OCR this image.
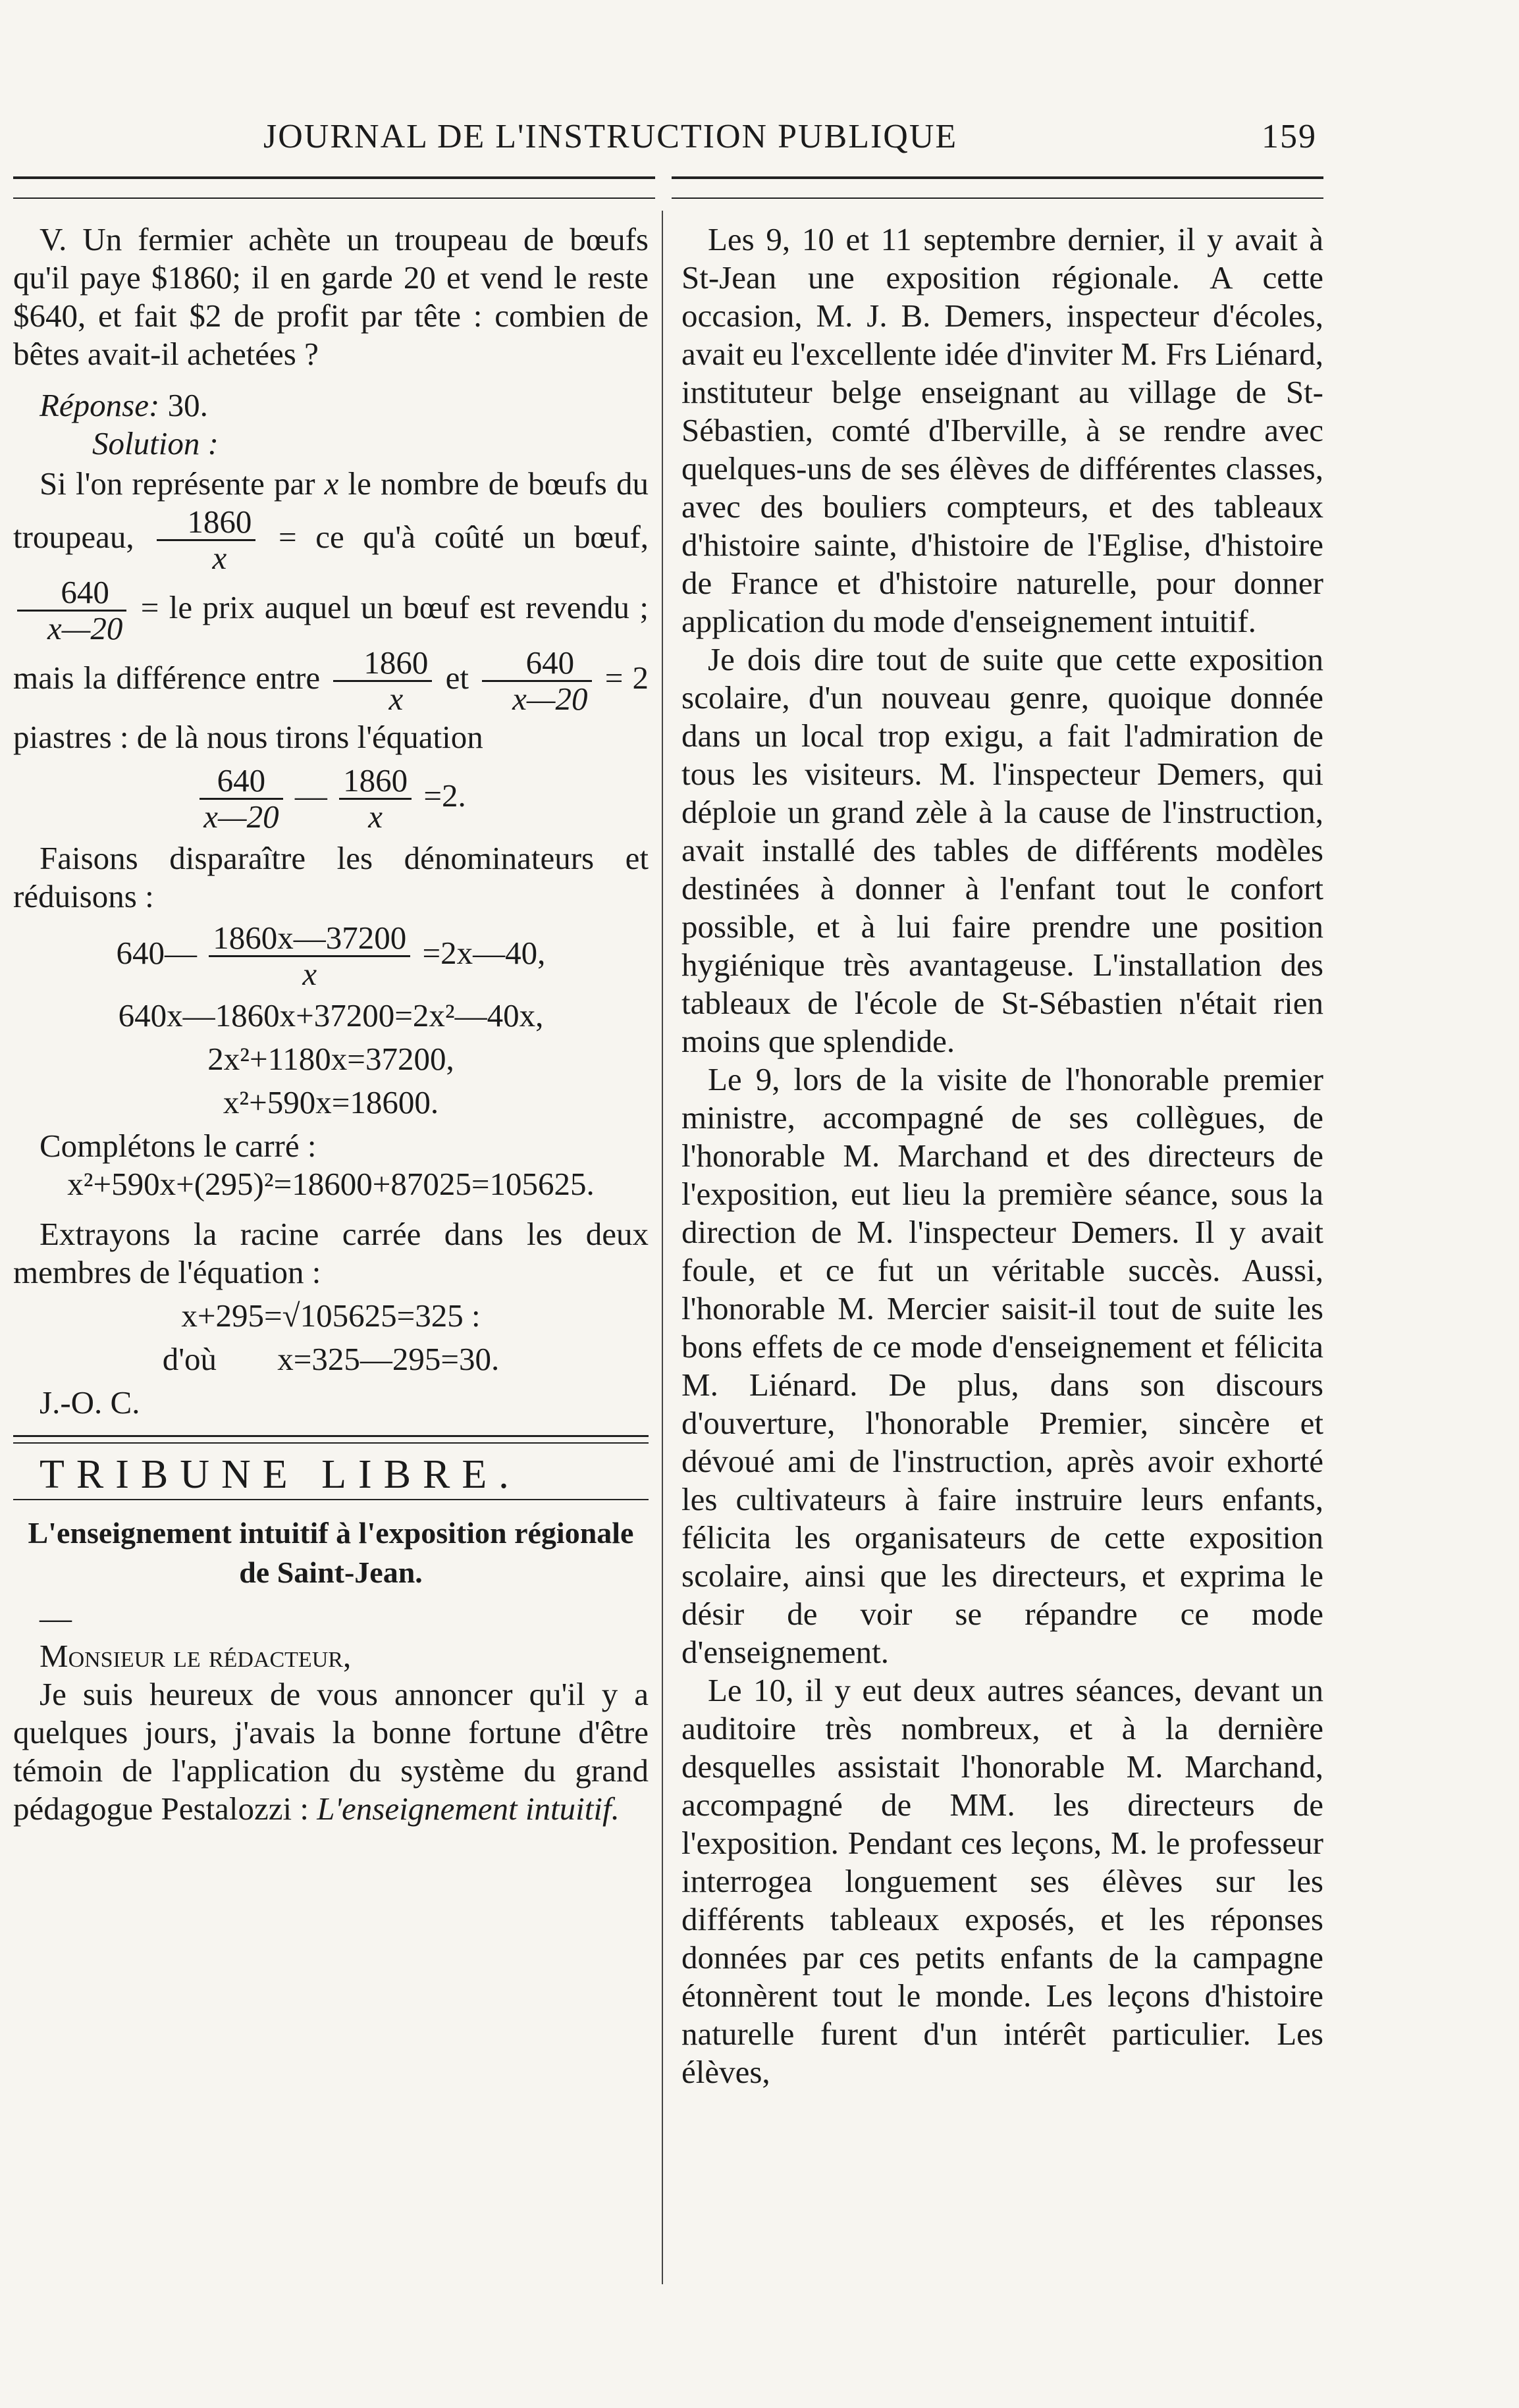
JOURNAL DE L'INSTRUCTION PUBLIQUE	159

V. Un fermier achète un troupeau de bœufs qu'il paye $1860; il en garde 20 et vend le reste $640, et fait $2 de profit par tête : combien de bêtes avait-il achetées ?

Réponse: 30.

Solution :

Si l'on représente par x le nombre de bœufs du troupeau, $\frac{1860}{x}$ = ce qu'à coûté un bœuf,
$\frac{640}{x—20}$ = le prix auquel un bœuf est revendu ; mais la différence entre $\frac{1860}{x}$ et $\frac{640}{x—20} = 2$ piastres : de là nous tirons l'équation

$\frac{640}{x—20}$ — $\frac{1860}{x} =2$.

Faisons disparaître les dénominateurs et réduisons :

640— $\frac{1860x—37200}{x}$ =2x—40,
640x—1860x+37200=2x²—40x,
2x²+1180x=37200,
x²+590x=18600.

Complétons le carré :

x²+590x+(295)²=18600+87025=105625.

Extrayons la racine carrée dans les deux membres de l'équation :

x+295=√105625=325 :
d'où x=325—295=30.

J.-O. C.

TRIBUNE LIBRE.

L'enseignement intuitif à l'exposition régionale
de Saint-Jean.

—

Monsieur le rédacteur,

Je suis heureux de vous annoncer qu'il y a quelques jours, j'avais la bonne fortune d'être témoin de l'application du système du grand pédagogue Pestalozzi : L'enseignement intuitif.

Les 9, 10 et 11 septembre dernier, il y avait à St-Jean une exposition régionale. A cette occasion, M. J. B. Demers, inspecteur d'écoles, avait eu l'excellente idée d'inviter M. Frs Liénard, instituteur belge enseignant au village de St-Sébastien, comté d'Iberville, à se rendre avec quelques-uns de ses élèves de différentes classes, avec des bouliers compteurs, et des tableaux d'histoire sainte, d'histoire de l'Eglise, d'histoire de France et d'histoire naturelle, pour donner application du mode d'enseignement intuitif.

Je dois dire tout de suite que cette exposition scolaire, d'un nouveau genre, quoique donnée dans un local trop exigu, a fait l'admiration de tous les visiteurs. M. l'inspecteur Demers, qui déploie un grand zèle à la cause de l'instruction, avait installé des tables de différents modèles destinées à donner à l'enfant tout le confort possible, et à lui faire prendre une position hygiénique très avantageuse. L'installation des tableaux de l'école de St-Sébastien n'était rien moins que splendide.

Le 9, lors de la visite de l'honorable premier ministre, accompagné de ses collègues, de l'honorable M. Marchand et des directeurs de l'exposition, eut lieu la première séance, sous la direction de M. l'inspecteur Demers. Il y avait foule, et ce fut un véritable succès. Aussi, l'honorable M. Mercier saisit-il tout de suite les bons effets de ce mode d'enseignement et félicita M. Liénard. De plus, dans son discours d'ouverture, l'honorable Premier, sincère et dévoué ami de l'instruction, après avoir exhorté les cultivateurs à faire instruire leurs enfants, félicita les organisateurs de cette exposition scolaire, ainsi que les directeurs, et exprima le désir de voir se répandre ce mode d'enseignement.

Le 10, il y eut deux autres séances, devant un auditoire très nombreux, et à la dernière desquelles assistait l'honorable M. Marchand, accompagné de MM. les directeurs de l'exposition. Pendant ces leçons, M. le professeur interrogea longuement ses élèves sur les différents tableaux exposés, et les réponses données par ces petits enfants de la campagne étonnèrent tout le monde. Les leçons d'histoire naturelle furent d'un intérêt particulier. Les élèves,
